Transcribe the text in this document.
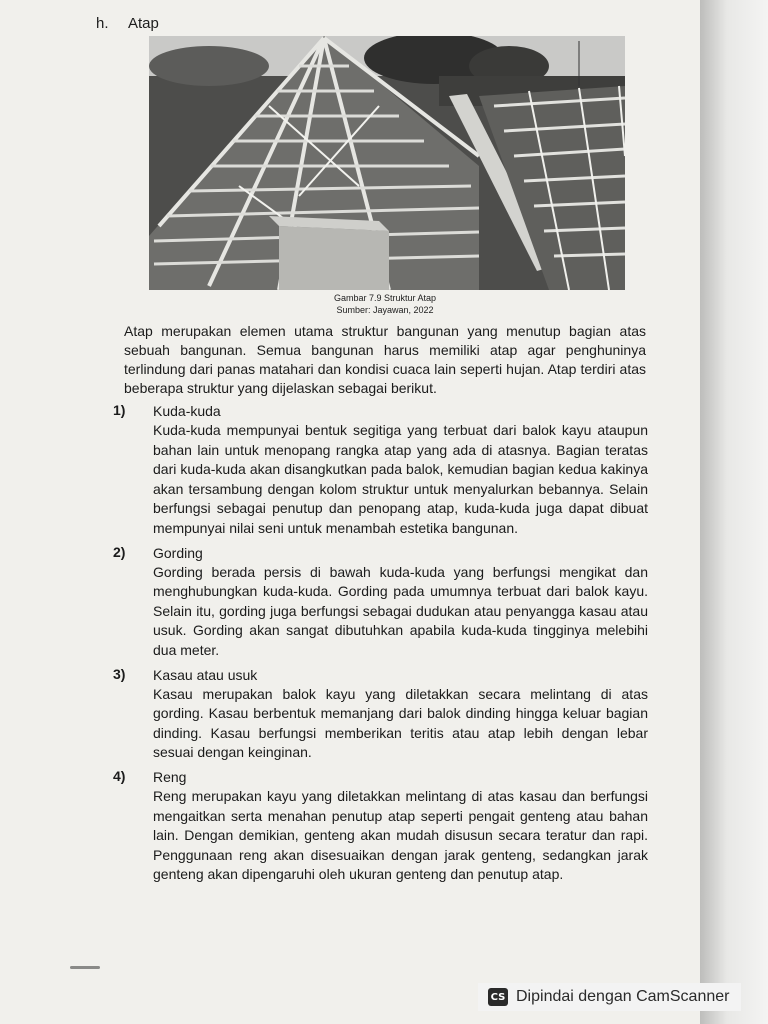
h. Atap
Gambar 7.9 Struktur Atap
Sumber: Jayawan, 2022

Atap merupakan elemen utama struktur bangunan yang menutup bagian atas sebuah bangunan. Semua bangunan harus memiliki atap agar penghuninya terlindung dari panas matahari dan kondisi cuaca lain seperti hujan. Atap terdiri atas beberapa struktur yang dijelaskan sebagai berikut.

1)	Kuda-kuda

Kuda-kuda mempunyai bentuk segitiga yang terbuat dari balok kayu ataupun bahan lain untuk menopang rangka atap yang ada di atasnya. Bagian teratas dari kuda-kuda akan disangkutkan pada balok, kemudian bagian kedua kakinya akan tersambung dengan kolom struktur untuk menyalurkan bebannya. Selain berfungsi sebagai penutup dan penopang atap, kuda-kuda juga dapat dibuat mempunyai nilai seni untuk menambah estetika bangunan.

2)	Gording

Gording berada persis di bawah kuda-kuda yang berfungsi mengikat dan menghubungkan kuda-kuda. Gording pada umumnya terbuat dari balok kayu. Selain itu, gording juga berfungsi sebagai dudukan atau penyangga kasau atau usuk. Gording akan sangat dibutuhkan apabila kuda-kuda tingginya melebihi dua meter.

3)	Kasau atau usuk

Kasau merupakan balok kayu yang diletakkan secara melintang di atas gording. Kasau berbentuk memanjang dari balok dinding hingga keluar bagian dinding. Kasau berfungsi memberikan teritis atau atap lebih dengan lebar sesuai dengan keinginan.

4)	Reng

Reng merupakan kayu yang diletakkan melintang di atas kasau dan berfungsi mengaitkan serta menahan penutup atap seperti pengait genteng atau bahan lain. Dengan demikian, genteng akan mudah disusun secara teratur dan rapi. Penggunaan reng akan disesuaikan dengan jarak genteng, sedangkan jarak genteng akan dipengaruhi oleh ukuran genteng dan penutup atap.

CS Dipindai dengan CamScanner
